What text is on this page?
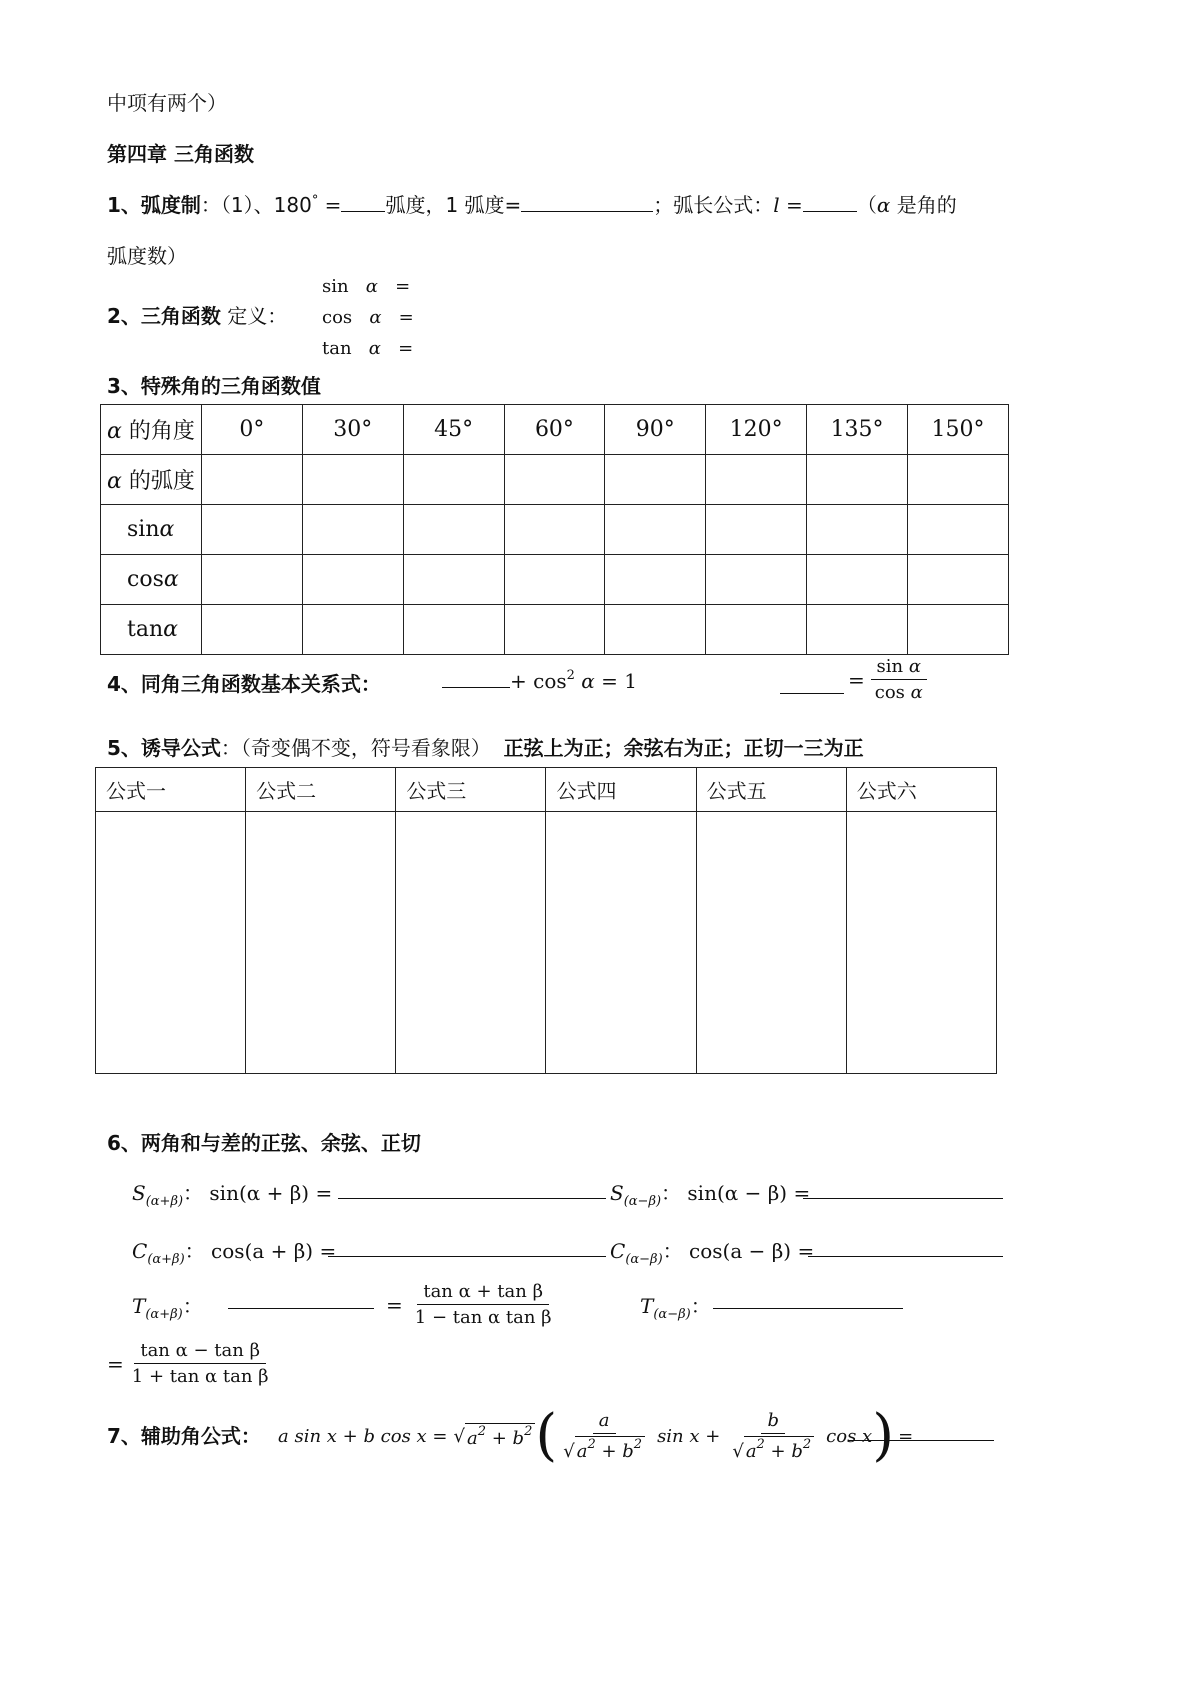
中项有两个）
第四章 三角函数
1、弧度制：（1）、180° = 弧度，1 弧度=	；弧长公式：l =	（α 是角的
弧度数）
2、三角函数 定义：
sin α =
cos α =
tan α =
3、特殊角的三角函数值
α 的角度	0°	30°	45°	60°	90°	120°	135°	150°
α 的弧度								
sinα								
cosα								
tanα								
4、同角三角函数基本关系式：	+ $\cos^2 \alpha = 1$	= $\frac{\text{sin α}}{\text{cos α}}$
5、诱导公式：（奇变偶不变，符号看象限） 正弦上为正；余弦右为正；正切一三为正
公式一	公式二	公式三	公式四	公式五	公式六

6、两角和与差的正弦、余弦、正切
$S_{(\alpha+\beta)}$： sin(α + β) =	$S_{(\alpha-\beta)}$： sin(α − β) =
$C_{(\alpha+\beta)}$： cos(a + β) =	$C_{(\alpha-\beta)}$： cos(a − β) =
$T_{(\alpha+\beta)}$：	= $\frac{\text{tan α + tan β}}{\text{1 − tan α tan β}}$	$T_{(\alpha-\beta)}$：
= $\frac{\text{tan α − tan β}}{\text{1 + tan α tan β}}$
7、辅助角公式： a sin x + b cos x = √ $a^2 + b^2$ ( $\frac{a}{√ a^2 + b^2}$ $\sin x + \frac{b}{√ a^2 + b^2}$ cos x ) =
